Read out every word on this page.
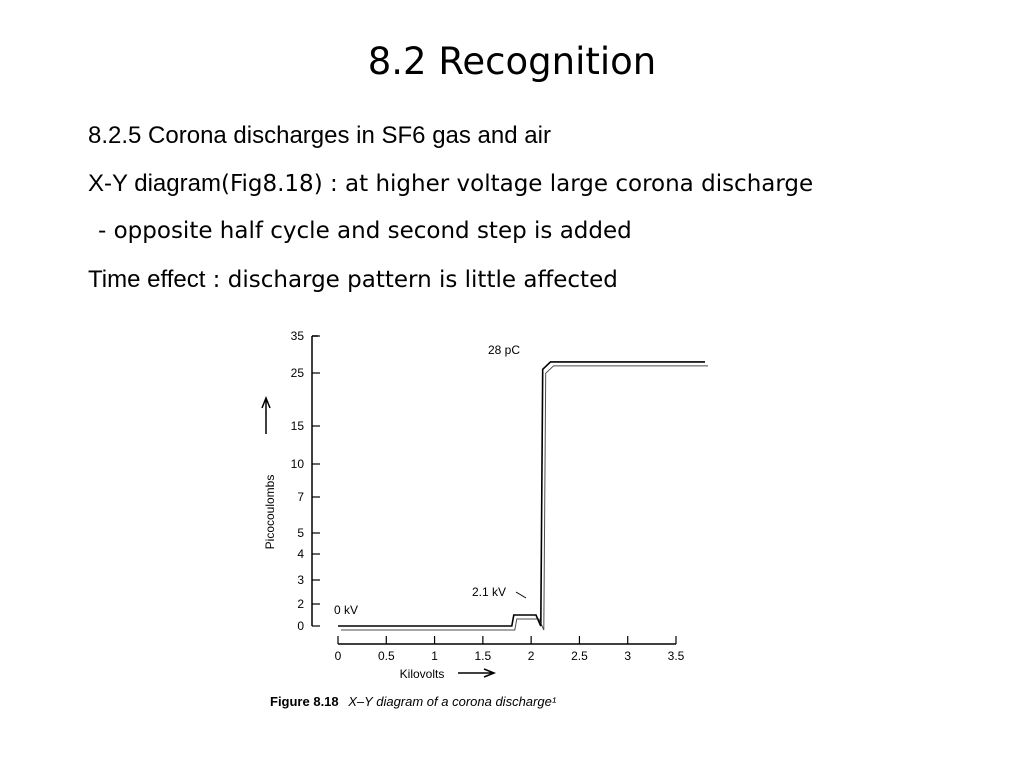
8.2 Recognition
8.2.5 Corona discharges in SF6 gas and air
X-Y diagram(Fig8.18) : at higher voltage large corona discharge
- opposite half cycle and second step is added
Time effect : discharge pattern is little affected
35
25
15
10
7
5
4
3
2
0
0	0.5	1	1.5	2	2.5	3	3.5
Picocoulombs
Kilovolts
28 pC
2.1 kV
0 kV
Figure 8.18 X–Y diagram of a corona discharge¹
